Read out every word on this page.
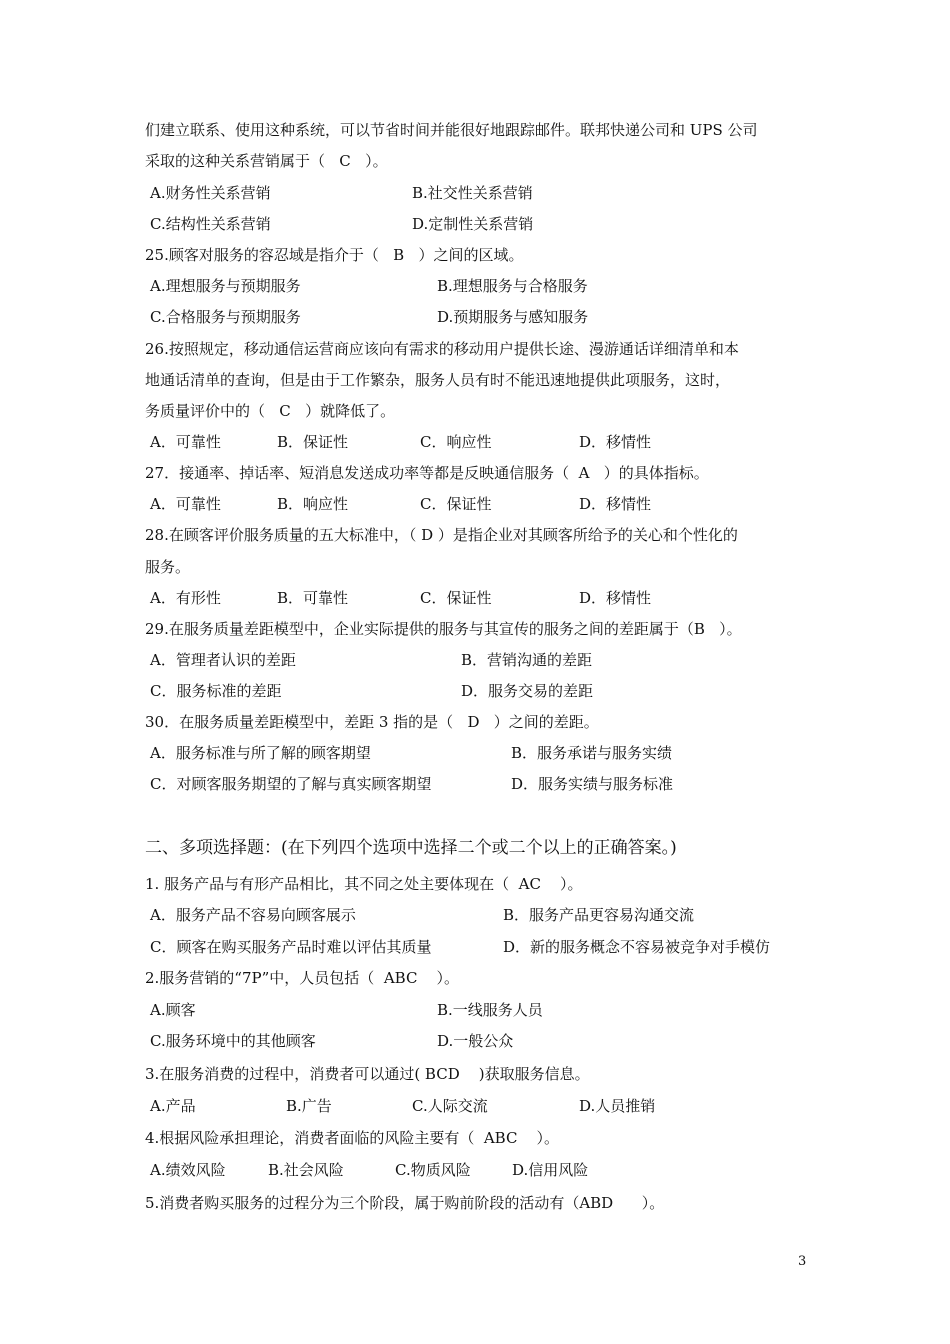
们建立联系、使用这种系统，可以节省时间并能很好地跟踪邮件。联邦快递公司和 UPS 公司
采取的这种关系营销属于（   C   ）。
A.财务性关系营销	B.社交性关系营销
C.结构性关系营销	D.定制性关系营销
25.顾客对服务的容忍域是指介于（   B   ）之间的区域。
A.理想服务与预期服务	B.理想服务与合格服务
C.合格服务与预期服务	D.预期服务与感知服务
26.按照规定，移动通信运营商应该向有需求的移动用户提供长途、漫游通话详细清单和本
地通话清单的查询，但是由于工作繁杂，服务人员有时不能迅速地提供此项服务，这时，
务质量评价中的（   C   ）就降低了。
A．可靠性	B．保证性	C．响应性	D．移情性
27．接通率、掉话率、短消息发送成功率等都是反映通信服务（  A   ）的具体指标。
A．可靠性	B．响应性	C．保证性	D．移情性
28.在顾客评价服务质量的五大标准中，（ D ）是指企业对其顾客所给予的关心和个性化的
服务。
A．有形性	B．可靠性	C．保证性	D．移情性
29.在服务质量差距模型中，企业实际提供的服务与其宣传的服务之间的差距属于（B   ）。
A．管理者认识的差距	B．营销沟通的差距
C．服务标准的差距	D．服务交易的差距
30．在服务质量差距模型中，差距 3 指的是（   D   ）之间的差距。
A．服务标准与所了解的顾客期望	B．服务承诺与服务实绩
C．对顾客服务期望的了解与真实顾客期望	D．服务实绩与服务标准
二、多项选择题：(在下列四个选项中选择二个或二个以上的正确答案。)
1. 服务产品与有形产品相比，其不同之处主要体现在（  AC    ）。
A．服务产品不容易向顾客展示	B．服务产品更容易沟通交流
C．顾客在购买服务产品时难以评估其质量	D．新的服务概念不容易被竞争对手模仿
2.服务营销的“7P”中，人员包括（  ABC    ）。
A.顾客	B.一线服务人员
C.服务环境中的其他顾客	D.一般公众
3.在服务消费的过程中，消费者可以通过( BCD    )获取服务信息。
A.产品	B.广告	C.人际交流	D.人员推销
4.根据风险承担理论，消费者面临的风险主要有（  ABC    ）。
A.绩效风险	B.社会风险	C.物质风险	D.信用风险
5.消费者购买服务的过程分为三个阶段，属于购前阶段的活动有（ABD      ）。
3
